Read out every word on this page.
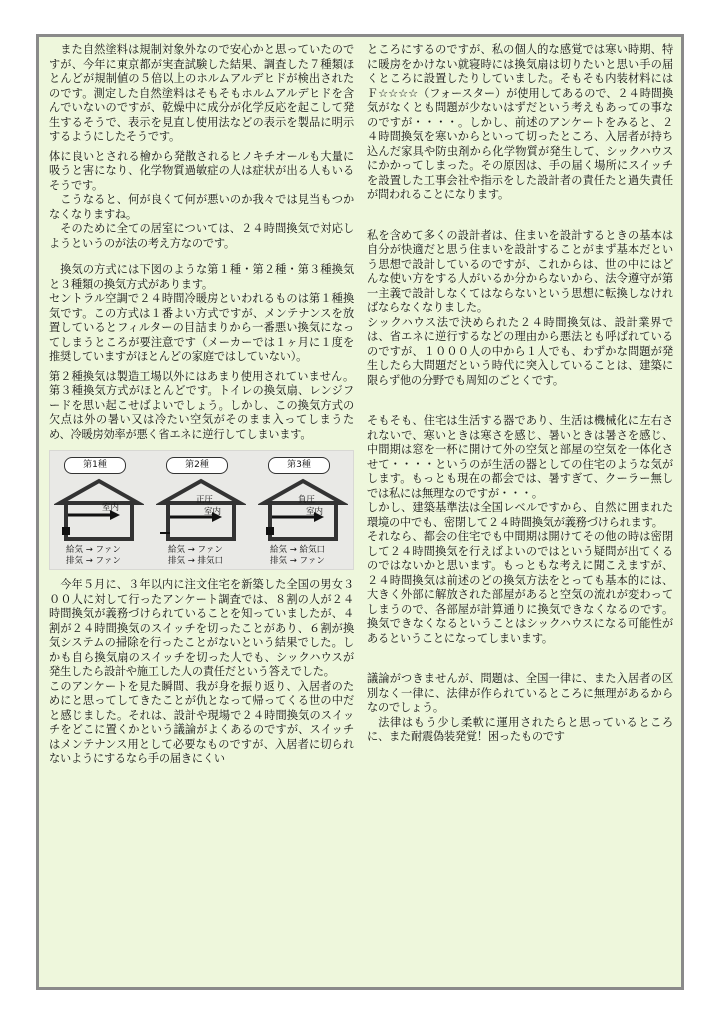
また自然塗料は規制対象外なので安心かと思っていたのですが、今年に東京都が実査試験した結果、調査した７種類ほとんどが規制値の５倍以上のホルムアルデヒドが検出されたのです。測定した自然塗料はそもそもホルムアルデヒドを含んでいないのですが、乾燥中に成分が化学反応を起こして発生するそうで、表示を見直し使用法などの表示を製品に明示するようにしたそうです。

体に良いとされる檜から発散されるヒノキチオールも大量に吸うと害になり、化学物質過敏症の人は症状が出る人もいるそうです。

こうなると、何が良くて何が悪いのか我々では見当もつかなくなりますね。

そのために全ての居室については、２４時間換気で対応しようというのが法の考え方なのです。

換気の方式には下図のような第１種・第２種・第３種換気と３種類の換気方式があります。

セントラル空調で２４時間冷暖房といわれるものは第１種換気です。この方式は１番よい方式ですが、メンテナンスを放置しているとフィルターの目詰まりから一番悪い換気になってしまうところが要注意です（メーカーでは１ヶ月に１度を推奨していますがほとんどの家庭ではしていない）。

第２種換気は製造工場以外にはあまり使用されていません。第３種換気方式がほとんどです。トイレの換気扇、レンジフードを思い起こせばよいでしょう。しかし、この換気方式の欠点は外の暑い又は冷たい空気がそのまま入ってしまうため、冷暖房効率が悪く省エネに逆行してしまいます。

第1種	第2種	第3種
室内
正圧
室内
負圧
室内
給気 → ファン
排気 → ファン
給気 → ファン
排気 → 排気口
給気 → 給気口
排気 → ファン

今年５月に、３年以内に注文住宅を新築した全国の男女３００人に対して行ったアンケート調査では、８割の人が２４時間換気が義務づけられていることを知っていましたが、４割が２４時間換気のスイッチを切ったことがあり、６割が換気システムの掃除を行ったことがないという結果でした。しかも自ら換気扇のスイッチを切った人でも、シックハウスが発生したら設計や施工した人の責任だという答えでした。

このアンケートを見た瞬間、我が身を振り返り、入居者のためにと思ってしてきたことが仇となって帰ってくる世の中だと感じました。それは、設計や現場で２４時間換気のスイッチをどこに置くかという議論がよくあるのですが、スイッチはメンテナンス用として必要なものですが、入居者に切られないようにするなら手の届きにくい

ところにするのですが、私の個人的な感覚では寒い時期、特に暖房をかけない就寝時には換気扇は切りたいと思い手の届くところに設置したりしていました。そもそも内装材料にはＦ☆☆☆☆（フォースター）が使用してあるので、２４時間換気がなくとも問題が少ないはずだという考えもあっての事なのですが・・・・。しかし、前述のアンケートをみると、２４時間換気を寒いからといって切ったところ、入居者が持ち込んだ家具や防虫剤から化学物質が発生して、シックハウスにかかってしまった。その原因は、手の届く場所にスイッチを設置した工事会社や指示をした設計者の責任たと過失責任が問われることになります。

私を含めて多くの設計者は、住まいを設計するときの基本は自分が快適だと思う住まいを設計することがまず基本だという思想で設計しているのですが、これからは、世の中にはどんな使い方をする人がいるか分からないから、法令遵守が第一主義で設計しなくてはならないという思想に転換しなければならなくなりました。

シックハウス法で決められた２４時間換気は、設計業界では、省エネに逆行するなどの理由から悪法とも呼ばれているのですが、１０００人の中から１人でも、わずかな問題が発生したら大問題だという時代に突入していることは、建築に限らず他の分野でも周知のごとくです。

そもそも、住宅は生活する器であり、生活は機械化に左右されないで、寒いときは寒さを感じ、暑いときは暑さを感じ、中間期は窓を一杯に開けて外の空気と部屋の空気を一体化させて・・・・というのが生活の器としての住宅のような気がします。もっとも現在の都会では、暑すぎて、クーラー無しでは私には無理なのですが・・・。

しかし、建築基準法は全国レベルですから、自然に囲まれた環境の中でも、密閉して２４時間換気が義務づけられます。

それなら、都会の住宅でも中間期は開けてその他の時は密閉して２４時間換気を行えばよいのではという疑問が出てくるのではないかと思います。もっともな考えに聞こえますが、２４時間換気は前述のどの換気方法をとっても基本的には、大きく外部に解放された部屋があると空気の流れが変わってしまうので、各部屋が計算通りに換気できなくなるのです。換気できなくなるということはシックハウスになる可能性があるということになってしまいます。

議論がつきませんが、問題は、全国一律に、また入居者の区別なく一律に、法律が作られているところに無理があるからなのでしょう。

法律はもう少し柔軟に運用されたらと思っているところに、また耐震偽装発覚！困ったものです
